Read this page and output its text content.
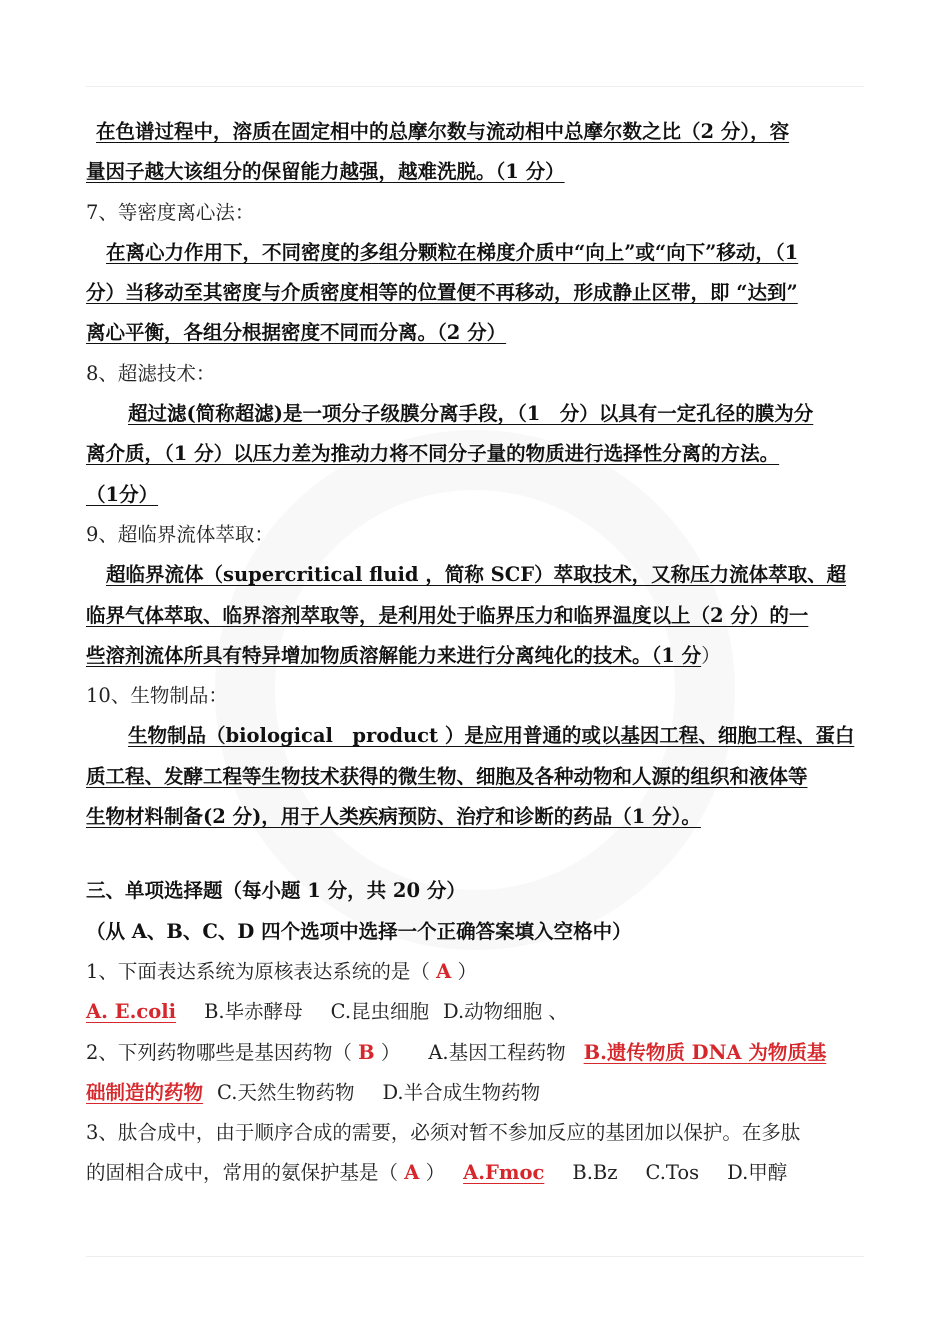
在色谱过程中，溶质在固定相中的总摩尔数与流动相中总摩尔数之比（2 分），容
量因子越大该组分的保留能力越强，越难洗脱。（1 分）
7、等密度离心法：
在离心力作用下，不同密度的多组分颗粒在梯度介质中“向上”或“向下”移动，（1
分）当移动至其密度与介质密度相等的位置便不再移动，形成静止区带，即 “达到”
离心平衡，各组分根据密度不同而分离。（2 分）
8、超滤技术：
超过滤(简称超滤)是一项分子级膜分离手段，（1　分）以具有一定孔径的膜为分
离介质，（1 分）以压力差为推动力将不同分子量的物质进行选择性分离的方法。
（1分）
9、超临界流体萃取：
超临界流体（supercritical fluid ，简称 SCF）萃取技术，又称压力流体萃取、超
临界气体萃取、临界溶剂萃取等，是利用处于临界压力和临界温度以上（2 分）的一
些溶剂流体所具有特异增加物质溶解能力来进行分离纯化的技术。（1 分）
10、生物制品：
生物制品（biological　product ）是应用普通的或以基因工程、细胞工程、蛋白
质工程、发酵工程等生物技术获得的微生物、细胞及各种动物和人源的组织和液体等
生物材料制备(2 分)，用于人类疾病预防、治疗和诊断的药品（1 分）。
三、单项选择题（每小题 1 分，共 20 分）
（从 A、B、C、D 四个选项中选择一个正确答案填入空格中）
1、下面表达系统为原核表达系统的是（ A ）
A. E.coli B.毕赤酵母 C.昆虫细胞 D.动物细胞 、
2、下列药物哪些是基因药物（ B ） A.基因工程药物 B.遗传物质 DNA 为物质基
础制造的药物 C.天然生物药物 D.半合成生物药物
3、肽合成中，由于顺序合成的需要，必须对暂不参加反应的基团加以保护。在多肽
的固相合成中，常用的氨保护基是（ A ） A.Fmoc B.Bz C.Tos D.甲醇
